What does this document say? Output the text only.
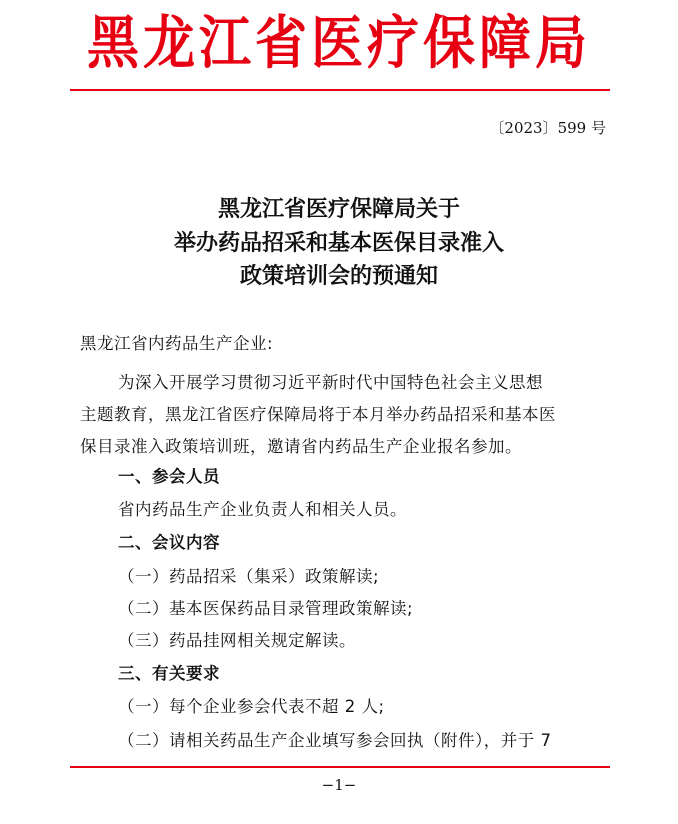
黑龙江省医疗保障局
〔2023〕599 号
黑龙江省医疗保障局关于
举办药品招采和基本医保目录准入
政策培训会的预通知
黑龙江省内药品生产企业:
为深入开展学习贯彻习近平新时代中国特色社会主义思想
主题教育，黑龙江省医疗保障局将于本月举办药品招采和基本医
保目录准入政策培训班，邀请省内药品生产企业报名参加。
一、参会人员
省内药品生产企业负责人和相关人员。
二、会议内容
（一）药品招采（集采）政策解读;
（二）基本医保药品目录管理政策解读;
（三）药品挂网相关规定解读。
三、有关要求
（一）每个企业参会代表不超 2 人;
（二）请相关药品生产企业填写参会回执（附件），并于 7
−1−
